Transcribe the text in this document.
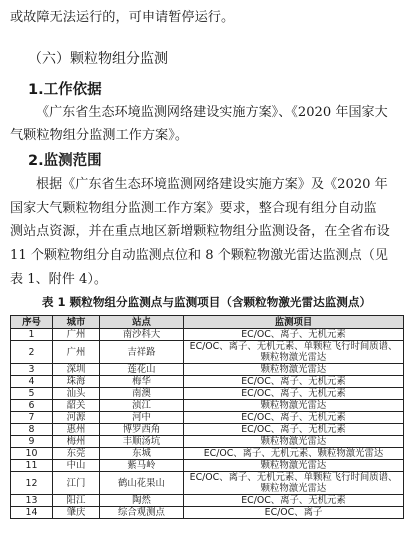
或故障无法运行的，可申请暂停运行。
（六）颗粒物组分监测
1.工作依据
《广东省生态环境监测网络建设实施方案》、《2020 年国家大
气颗粒物组分监测工作方案》。
2.监测范围
根据《广东省生态环境监测网络建设实施方案》及《2020 年
国家大气颗粒物组分监测工作方案》要求，整合现有组分自动监
测站点资源，并在重点地区新增颗粒物组分监测设备，在全省布设
11 个颗粒物组分自动监测点位和 8 个颗粒物激光雷达监测点（见
表 1、附件 4）。
表 1 颗粒物组分监测点与监测项目（含颗粒物激光雷达监测点）
序号	城市	站点	监测项目
1	广州	南沙科大	EC/OC、离子、无机元素
2	广州	吉祥路	EC/OC、离子、无机元素、单颗粒飞行时间质谱、颗粒物激光雷达
3	深圳	莲花山	颗粒物激光雷达
4	珠海	梅华	EC/OC、离子、无机元素
5	汕头	南澳	EC/OC、离子、无机元素
6	韶关	浈江	颗粒物激光雷达
7	河源	河中	EC/OC、离子、无机元素
8	惠州	博罗西角	EC/OC、离子、无机元素
9	梅州	丰顺汤坑	颗粒物激光雷达
10	东莞	东城	EC/OC、离子、无机元素、颗粒物激光雷达
11	中山	紫马岭	颗粒物激光雷达
12	江门	鹤山花果山	EC/OC、离子、无机元素、单颗粒飞行时间质谱、颗粒物激光雷达
13	阳江	陶然	EC/OC、离子、无机元素
14	肇庆	综合观测点	EC/OC、离子
